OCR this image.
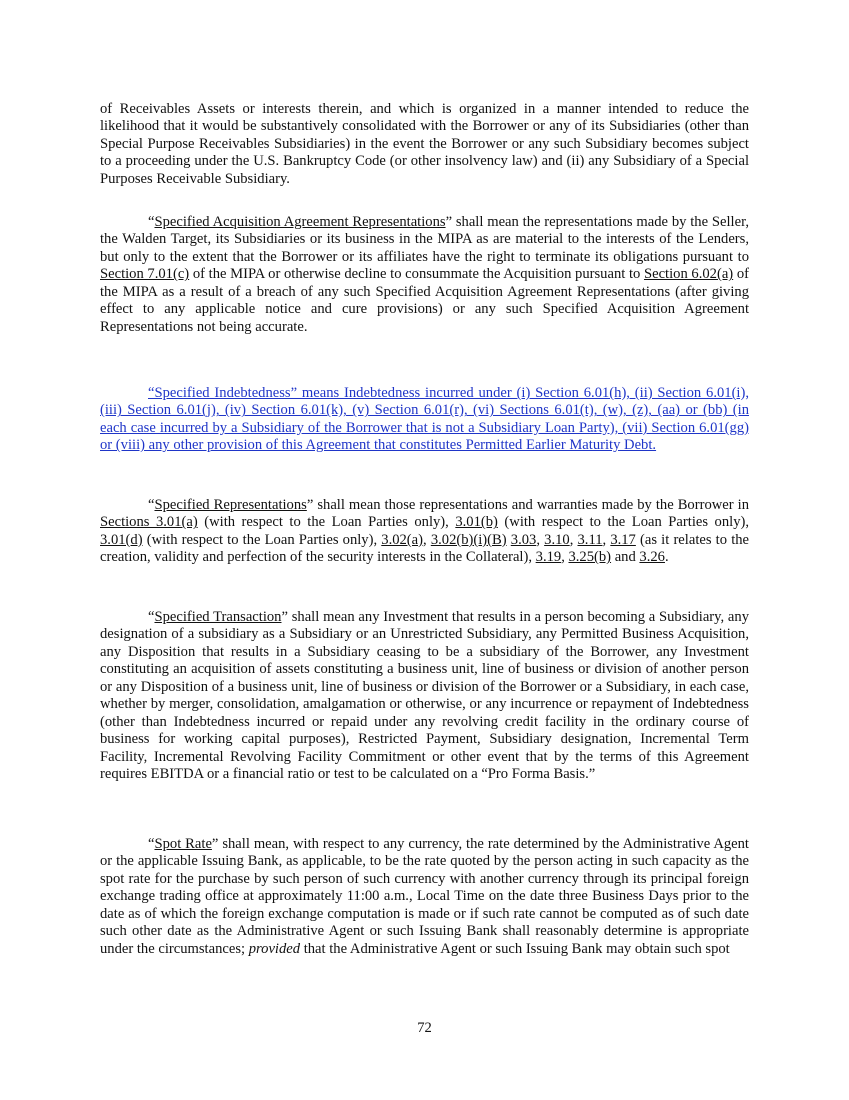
of Receivables Assets or interests therein, and which is organized in a manner intended to reduce the likelihood that it would be substantively consolidated with the Borrower or any of its Subsidiaries (other than Special Purpose Receivables Subsidiaries) in the event the Borrower or any such Subsidiary becomes subject to a proceeding under the U.S. Bankruptcy Code (or other insolvency law) and (ii) any Subsidiary of a Special Purposes Receivable Subsidiary.

“Specified Acquisition Agreement Representations” shall mean the representations made by the Seller, the Walden Target, its Subsidiaries or its business in the MIPA as are material to the interests of the Lenders, but only to the extent that the Borrower or its affiliates have the right to terminate its obligations pursuant to Section 7.01(c) of the MIPA or otherwise decline to consummate the Acquisition pursuant to Section 6.02(a) of the MIPA as a result of a breach of any such Specified Acquisition Agreement Representations (after giving effect to any applicable notice and cure provisions) or any such Specified Acquisition Agreement Representations not being accurate.

“Specified Indebtedness” means Indebtedness incurred under (i) Section 6.01(h), (ii) Section 6.01(i), (iii) Section 6.01(j), (iv) Section 6.01(k), (v) Section 6.01(r), (vi) Sections 6.01(t), (w), (z), (aa) or (bb) (in each case incurred by a Subsidiary of the Borrower that is not a Subsidiary Loan Party), (vii) Section 6.01(gg) or (viii) any other provision of this Agreement that constitutes Permitted Earlier Maturity Debt.

“Specified Representations” shall mean those representations and warranties made by the Borrower in Sections 3.01(a) (with respect to the Loan Parties only), 3.01(b) (with respect to the Loan Parties only), 3.01(d) (with respect to the Loan Parties only), 3.02(a), 3.02(b)(i)(B) 3.03, 3.10, 3.11, 3.17 (as it relates to the creation, validity and perfection of the security interests in the Collateral), 3.19, 3.25(b) and 3.26.

“Specified Transaction” shall mean any Investment that results in a person becoming a Subsidiary, any designation of a subsidiary as a Subsidiary or an Unrestricted Subsidiary, any Permitted Business Acquisition, any Disposition that results in a Subsidiary ceasing to be a subsidiary of the Borrower, any Investment constituting an acquisition of assets constituting a business unit, line of business or division of another person or any Disposition of a business unit, line of business or division of the Borrower or a Subsidiary, in each case, whether by merger, consolidation, amalgamation or otherwise, or any incurrence or repayment of Indebtedness (other than Indebtedness incurred or repaid under any revolving credit facility in the ordinary course of business for working capital purposes), Restricted Payment, Subsidiary designation, Incremental Term Facility, Incremental Revolving Facility Commitment or other event that by the terms of this Agreement requires EBITDA or a financial ratio or test to be calculated on a “Pro Forma Basis.”

“Spot Rate” shall mean, with respect to any currency, the rate determined by the Administrative Agent or the applicable Issuing Bank, as applicable, to be the rate quoted by the person acting in such capacity as the spot rate for the purchase by such person of such currency with another currency through its principal foreign exchange trading office at approximately 11:00 a.m., Local Time on the date three Business Days prior to the date as of which the foreign exchange computation is made or if such rate cannot be computed as of such date such other date as the Administrative Agent or such Issuing Bank shall reasonably determine is appropriate under the circumstances; provided that the Administrative Agent or such Issuing Bank may obtain such spot

72
